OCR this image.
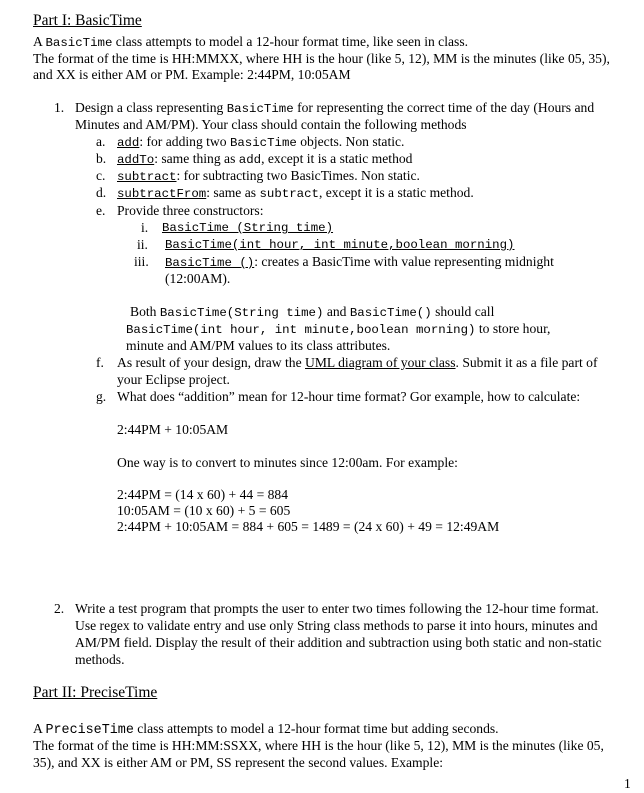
Part I: BasicTime
A BasicTime class attempts to model a 12-hour format time, like seen in class.
The format of the time is HH:MMXX, where HH is the hour (like 5, 12), MM is the minutes (like 05, 35),
and XX is either AM or PM. Example: 2:44PM, 10:05AM
1. Design a class representing BasicTime for representing the correct time of the day (Hours and
Minutes and AM/PM). Your class should contain the following methods
a. add: for adding two BasicTime objects. Non static.
b. addTo: same thing as add, except it is a static method
c. subtract: for subtracting two BasicTimes. Non static.
d. subtractFrom: same as subtract, except it is a static method.
e. Provide three constructors:
i. BasicTime (String time)
ii. BasicTime(int hour, int minute,boolean morning)
iii. BasicTime (): creates a BasicTime with value representing midnight
(12:00AM).
Both BasicTime(String time) and BasicTime() should call
BasicTime(int hour, int minute,boolean morning) to store hour,
minute and AM/PM values to its class attributes.
f. As result of your design, draw the UML diagram of your class. Submit it as a file part of
your Eclipse project.
g. What does “addition” mean for 12-hour time format? Gor example, how to calculate:
2:44PM + 10:05AM
One way is to convert to minutes since 12:00am. For example:
2:44PM = (14 x 60) + 44 = 884
10:05AM = (10 x 60) + 5 = 605
2:44PM + 10:05AM = 884 + 605 = 1489 = (24 x 60) + 49 = 12:49AM
2. Write a test program that prompts the user to enter two times following the 12-hour time format.
Use regex to validate entry and use only String class methods to parse it into hours, minutes and
AM/PM field. Display the result of their addition and subtraction using both static and non-static
methods.
Part II: PreciseTime
A PreciseTime class attempts to model a 12-hour format time but adding seconds.
The format of the time is HH:MM:SSXX, where HH is the hour (like 5, 12), MM is the minutes (like 05,
35), and XX is either AM or PM, SS represent the second values. Example:
1
